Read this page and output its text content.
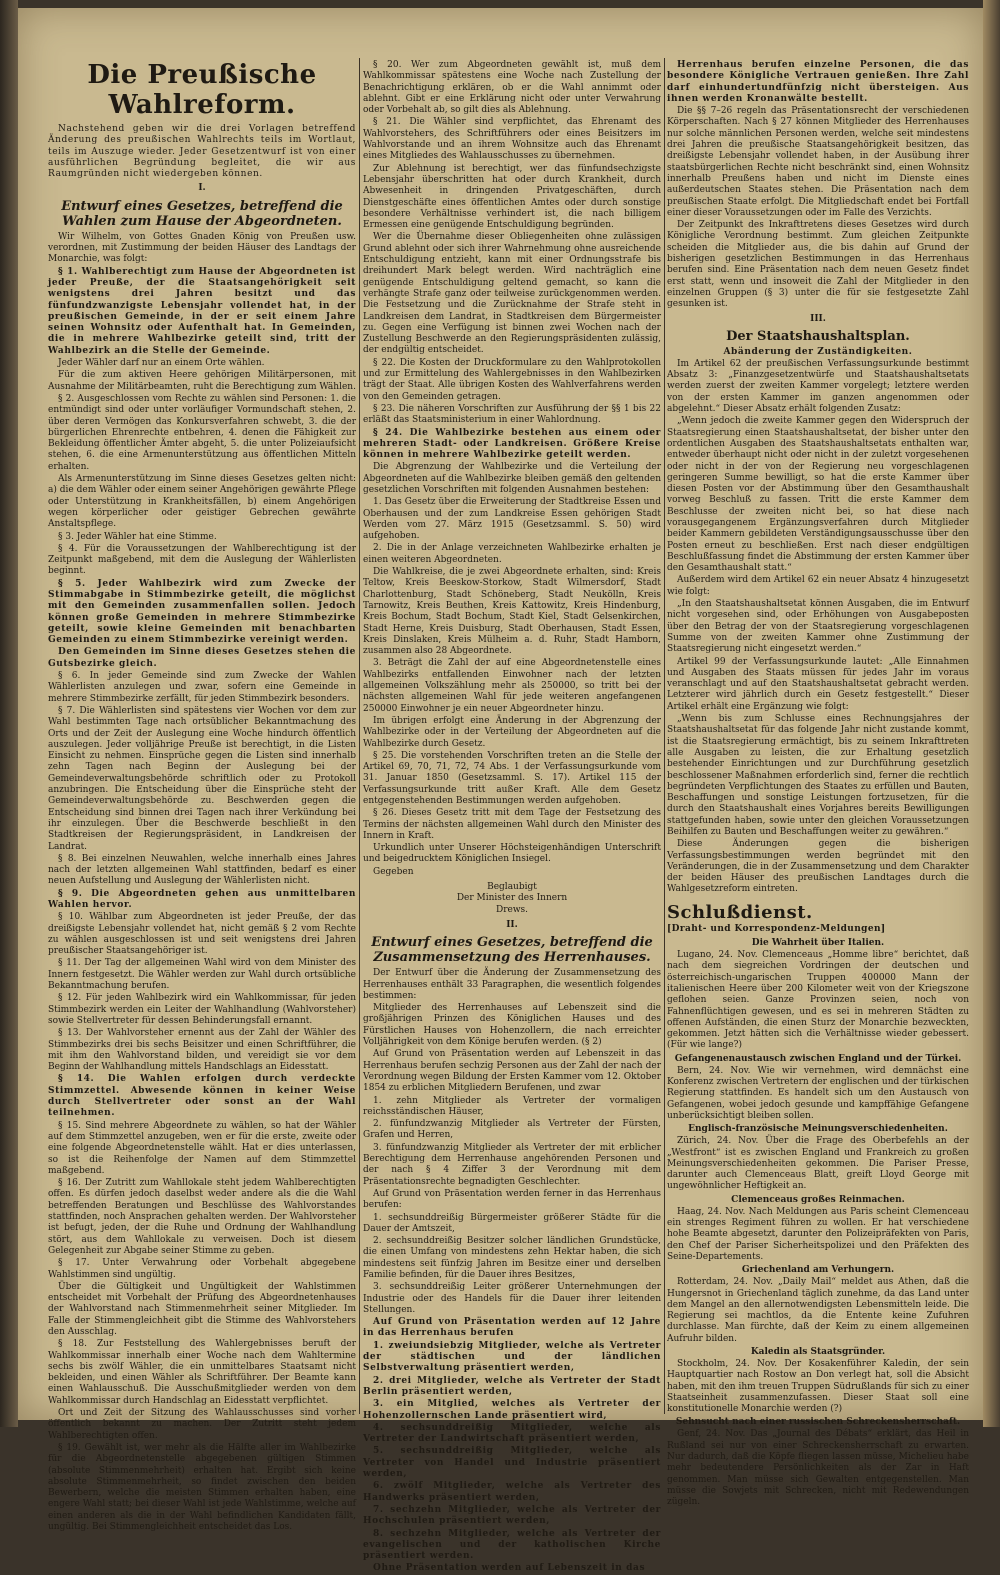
Die Preußische Wahlreform.

Nachstehend geben wir die drei Vorlagen betreffend Änderung des preußischen Wahlrechts teils im Wortlaut, teils im Auszuge wieder. Jeder Gesetzentwurf ist von einer ausführlichen Begründung begleitet, die wir aus Raumgründen nicht wiedergeben können.

I.
Entwurf eines Gesetzes, betreffend die Wahlen zum Hause der Abgeordneten.

Wir Wilhelm, von Gottes Gnaden König von Preußen usw. verordnen, mit Zustimmung der beiden Häuser des Landtags der Monarchie, was folgt:

§ 1. Wahlberechtigt zum Hause der Abgeordneten ist jeder Preuße, der die Staatsangehörigkeit seit wenigstens drei Jahren besitzt und das fünfundzwanzigste Lebensjahr vollendet hat, in der preußischen Gemeinde, in der er seit einem Jahre seinen Wohnsitz oder Aufenthalt hat. In Gemeinden, die in mehrere Wahlbezirke geteilt sind, tritt der Wahlbezirk an die Stelle der Gemeinde.

Jeder Wähler darf nur an einem Orte wählen.

Für die zum aktiven Heere gehörigen Militärpersonen, mit Ausnahme der Militärbeamten, ruht die Berechtigung zum Wählen.

§ 2. Ausgeschlossen vom Rechte zu wählen sind Personen: 1. die entmündigt sind oder unter vorläufiger Vormundschaft stehen, 2. über deren Vermögen das Konkursverfahren schwebt, 3. die der bürgerlichen Ehrenrechte entbehren, 4. denen die Fähigkeit zur Bekleidung öffentlicher Ämter abgeht, 5. die unter Polizeiaufsicht stehen, 6. die eine Armenunterstützung aus öffentlichen Mitteln erhalten.

Als Armenunterstützung im Sinne dieses Gesetzes gelten nicht: a) die dem Wähler oder einem seiner Angehörigen gewährte Pflege oder Unterstützung in Krankheitsfällen, b) einem Angehörigen wegen körperlicher oder geistiger Gebrechen gewährte Anstaltspflege.

§ 3. Jeder Wähler hat eine Stimme.

§ 4. Für die Voraussetzungen der Wahlberechtigung ist der Zeitpunkt maßgebend, mit dem die Auslegung der Wählerlisten beginnt.

§ 5. Jeder Wahlbezirk wird zum Zwecke der Stimmabgabe in Stimmbezirke geteilt, die möglichst mit den Gemeinden zusammenfallen sollen. Jedoch können große Gemeinden in mehrere Stimmbezirke geteilt, sowie kleine Gemeinden mit benachbarten Gemeinden zu einem Stimmbezirke vereinigt werden.

Den Gemeinden im Sinne dieses Gesetzes stehen die Gutsbezirke gleich.

§ 6. In jeder Gemeinde sind zum Zwecke der Wahlen Wählerlisten anzulegen und zwar, sofern eine Gemeinde in mehrere Stimmbezirke zerfällt, für jeden Stimmbezirk besonders.

§ 7. Die Wählerlisten sind spätestens vier Wochen vor dem zur Wahl bestimmten Tage nach ortsüblicher Bekanntmachung des Orts und der Zeit der Auslegung eine Woche hindurch öffentlich auszulegen. Jeder volljährige Preuße ist berechtigt, in die Listen Einsicht zu nehmen. Einsprüche gegen die Listen sind innerhalb zehn Tagen nach Beginn der Auslegung bei der Gemeindeverwaltungsbehörde schriftlich oder zu Protokoll anzubringen. Die Entscheidung über die Einsprüche steht der Gemeindeverwaltungsbehörde zu. Beschwerden gegen die Entscheidung sind binnen drei Tagen nach ihrer Verkündung bei ihr einzulegen. Über die Beschwerde beschließt in den Stadtkreisen der Regierungspräsident, in Landkreisen der Landrat.

§ 8. Bei einzelnen Neuwahlen, welche innerhalb eines Jahres nach der letzten allgemeinen Wahl stattfinden, bedarf es einer neuen Aufstellung und Auslegung der Wählerlisten nicht.

§ 9. Die Abgeordneten gehen aus unmittelbaren Wahlen hervor.

§ 10. Wählbar zum Abgeordneten ist jeder Preuße, der das dreißigste Lebensjahr vollendet hat, nicht gemäß § 2 vom Rechte zu wählen ausgeschlossen ist und seit wenigstens drei Jahren preußischer Staatsangehöriger ist.

§ 11. Der Tag der allgemeinen Wahl wird von dem Minister des Innern festgesetzt. Die Wähler werden zur Wahl durch ortsübliche Bekanntmachung berufen.

§ 12. Für jeden Wahlbezirk wird ein Wahlkommissar, für jeden Stimmbezirk werden ein Leiter der Wahlhandlung (Wahlvorsteher) sowie Stellvertreter für dessen Behinderungsfall ernannt.

§ 13. Der Wahlvorsteher ernennt aus der Zahl der Wähler des Stimmbezirks drei bis sechs Beisitzer und einen Schriftführer, die mit ihm den Wahlvorstand bilden, und vereidigt sie vor dem Beginn der Wahlhandlung mittels Handschlags an Eidesstatt.

§ 14. Die Wahlen erfolgen durch verdeckte Stimmzettel. Abwesende können in keiner Weise durch Stellvertreter oder sonst an der Wahl teilnehmen.

§ 15. Sind mehrere Abgeordnete zu wählen, so hat der Wähler auf dem Stimmzettel anzugeben, wen er für die erste, zweite oder eine folgende Abgeordnetenstelle wählt. Hat er dies unterlassen, so ist die Reihenfolge der Namen auf dem Stimmzettel maßgebend.

§ 16. Der Zutritt zum Wahllokale steht jedem Wahlberechtigten offen. Es dürfen jedoch daselbst weder andere als die die Wahl betreffenden Beratungen und Beschlüsse des Wahlvorstandes stattfinden, noch Ansprachen gehalten werden. Der Wahlvorsteher ist befugt, jeden, der die Ruhe und Ordnung der Wahlhandlung stört, aus dem Wahllokale zu verweisen. Doch ist diesem Gelegenheit zur Abgabe seiner Stimme zu geben.

§ 17. Unter Verwahrung oder Vorbehalt abgegebene Wahlstimmen sind ungültig.

Über die Gültigkeit und Ungültigkeit der Wahlstimmen entscheidet mit Vorbehalt der Prüfung des Abgeordnetenhauses der Wahlvorstand nach Stimmenmehrheit seiner Mitglieder. Im Falle der Stimmengleichheit gibt die Stimme des Wahlvorstehers den Ausschlag.

§ 18. Zur Feststellung des Wahlergebnisses beruft der Wahlkommissar innerhalb einer Woche nach dem Wahltermine sechs bis zwölf Wähler, die ein unmittelbares Staatsamt nicht bekleiden, und einen Wähler als Schriftführer. Der Beamte kann einen Wahlausschuß. Die Ausschußmitglieder werden von dem Wahlkommissar durch Handschlag an Eidesstatt verpflichtet.

Ort und Zeit der Sitzung des Wahlausschusses sind vorher öffentlich bekannt zu machen. Der Zutritt steht jedem Wahlberechtigten offen.

§ 19. Gewählt ist, wer mehr als die Hälfte aller im Wahlbezirke für die Abgeordnetenstelle abgegebenen gültigen Stimmen (absolute Stimmenmehrheit) erhalten hat. Ergibt sich keine absolute Stimmenmehrheit, so findet zwischen den beiden Bewerbern, welche die meisten Stimmen erhalten haben, eine engere Wahl statt; bei dieser Wahl ist jede Wahlstimme, welche auf einen anderen als die in der Wahl befindlichen Kandidaten fällt, ungültig. Bei Stimmengleichheit entscheidet das Los.

§ 20. Wer zum Abgeordneten gewählt ist, muß dem Wahlkommissar spätestens eine Woche nach Zustellung der Benachrichtigung erklären, ob er die Wahl annimmt oder ablehnt. Gibt er eine Erklärung nicht oder unter Verwahrung oder Vorbehalt ab, so gilt dies als Ablehnung.

§ 21. Die Wähler sind verpflichtet, das Ehrenamt des Wahlvorstehers, des Schriftführers oder eines Beisitzers im Wahlvorstande und an ihrem Wohnsitze auch das Ehrenamt eines Mitgliedes des Wahlausschusses zu übernehmen.

Zur Ablehnung ist berechtigt, wer das fünfundsechzigste Lebensjahr überschritten hat oder durch Krankheit, durch Abwesenheit in dringenden Privatgeschäften, durch Dienstgeschäfte eines öffentlichen Amtes oder durch sonstige besondere Verhältnisse verhindert ist, die nach billigem Ermessen eine genügende Entschuldigung begründen.

Wer die Übernahme dieser Obliegenheiten ohne zulässigen Grund ablehnt oder sich ihrer Wahrnehmung ohne ausreichende Entschuldigung entzieht, kann mit einer Ordnungsstrafe bis dreihundert Mark belegt werden. Wird nachträglich eine genügende Entschuldigung geltend gemacht, so kann die verhängte Strafe ganz oder teilweise zurückgenommen werden. Die Festsetzung und die Zurücknahme der Strafe steht in Landkreisen dem Landrat, in Stadtkreisen dem Bürgermeister zu. Gegen eine Verfügung ist binnen zwei Wochen nach der Zustellung Beschwerde an den Regierungspräsidenten zulässig, der endgültig entscheidet.

§ 22. Die Kosten der Druckformulare zu den Wahlprotokollen und zur Ermittelung des Wahlergebnisses in den Wahlbezirken trägt der Staat. Alle übrigen Kosten des Wahlverfahrens werden von den Gemeinden getragen.

§ 23. Die näheren Vorschriften zur Ausführung der §§ 1 bis 22 erläßt das Staatsministerium in einer Wahlordnung.

§ 24. Die Wahlbezirke bestehen aus einem oder mehreren Stadt- oder Landkreisen. Größere Kreise können in mehrere Wahlbezirke geteilt werden.

Die Abgrenzung der Wahlbezirke und die Verteilung der Abgeordneten auf die Wahlbezirke bleiben gemäß den geltenden gesetzlichen Vorschriften mit folgenden Ausnahmen bestehen:

1. Das Gesetz über die Erweiterung der Stadtkreise Essen und Oberhausen und der zum Landkreise Essen gehörigen Stadt Werden vom 27. März 1915 (Gesetzsamml. S. 50) wird aufgehoben.

2. Die in der Anlage verzeichneten Wahlbezirke erhalten je einen weiteren Abgeordneten.

Die Wahlkreise, die je zwei Abgeordnete erhalten, sind: Kreis Teltow, Kreis Beeskow-Storkow, Stadt Wilmersdorf, Stadt Charlottenburg, Stadt Schöneberg, Stadt Neukölln, Kreis Tarnowitz, Kreis Beuthen, Kreis Kattowitz, Kreis Hindenburg, Kreis Bochum, Stadt Bochum, Stadt Kiel, Stadt Gelsenkirchen, Stadt Herne, Kreis Duisburg, Stadt Oberhausen, Stadt Essen, Kreis Dinslaken, Kreis Mülheim a. d. Ruhr, Stadt Hamborn, zusammen also 28 Abgeordnete.

3. Beträgt die Zahl der auf eine Abgeordnetenstelle eines Wahlbezirks entfallenden Einwohner nach der letzten allgemeinen Volkszählung mehr als 250000, so tritt bei der nächsten allgemeinen Wahl für jede weiteren angefangenen 250000 Einwohner je ein neuer Abgeordneter hinzu.

Im übrigen erfolgt eine Änderung in der Abgrenzung der Wahlbezirke oder in der Verteilung der Abgeordneten auf die Wahlbezirke durch Gesetz.

§ 25. Die vorstehenden Vorschriften treten an die Stelle der Artikel 69, 70, 71, 72, 74 Abs. 1 der Verfassungsurkunde vom 31. Januar 1850 (Gesetzsamml. S. 17). Artikel 115 der Verfassungsurkunde tritt außer Kraft. Alle dem Gesetz entgegenstehenden Bestimmungen werden aufgehoben.

§ 26. Dieses Gesetz tritt mit dem Tage der Festsetzung des Termins der nächsten allgemeinen Wahl durch den Minister des Innern in Kraft.

Urkundlich unter Unserer Höchsteigenhändigen Unterschrift und beigedrucktem Königlichen Insiegel.

Gegeben

Beglaubigt
Der Minister des Innern
Drews.

II.
Entwurf eines Gesetzes, betreffend die Zusammensetzung des Herrenhauses.

Der Entwurf über die Änderung der Zusammensetzung des Herrenhauses enthält 33 Paragraphen, die wesentlich folgendes bestimmen:

Mitglieder des Herrenhauses auf Lebenszeit sind die großjährigen Prinzen des Königlichen Hauses und des Fürstlichen Hauses von Hohenzollern, die nach erreichter Volljährigkeit von dem Könige berufen werden. (§ 2)

Auf Grund von Präsentation werden auf Lebenszeit in das Herrenhaus berufen sechzig Personen aus der Zahl der nach der Verordnung wegen Bildung der Ersten Kammer vom 12. Oktober 1854 zu erblichen Mitgliedern Berufenen, und zwar

1. zehn Mitglieder als Vertreter der vormaligen reichsständischen Häuser,

2. fünfundzwanzig Mitglieder als Vertreter der Fürsten, Grafen und Herren,

3. fünfundzwanzig Mitglieder als Vertreter der mit erblicher Berechtigung dem Herrenhause angehörenden Personen und der nach § 4 Ziffer 3 der Verordnung mit dem Präsentationsrechte begnadigten Geschlechter.

Auf Grund von Präsentation werden ferner in das Herrenhaus berufen:

1. sechsunddreißig Bürgermeister größerer Städte für die Dauer der Amtszeit,

2. sechsunddreißig Besitzer solcher ländlichen Grundstücke, die einen Umfang von mindestens zehn Hektar haben, die sich mindestens seit fünfzig Jahren im Besitze einer und derselben Familie befinden, für die Dauer ihres Besitzes,

3. sechsunddreißig Leiter größerer Unternehmungen der Industrie oder des Handels für die Dauer ihrer leitenden Stellungen.

Auf Grund von Präsentation werden auf 12 Jahre in das Herrenhaus berufen

1. zweiundsiebzig Mitglieder, welche als Vertreter der städtischen und der ländlichen Selbstverwaltung präsentiert werden,

2. drei Mitglieder, welche als Vertreter der Stadt Berlin präsentiert werden,

3. ein Mitglied, welches als Vertreter der Hohenzollernschen Lande präsentiert wird,

4. sechsunddreißig Mitglieder, welche als Vertreter der Landwirtschaft präsentiert werden,

5. sechsunddreißig Mitglieder, welche als Vertreter von Handel und Industrie präsentiert werden,

6. zwölf Mitglieder, welche als Vertreter des Handwerks präsentiert werden,

7. sechzehn Mitglieder, welche als Vertreter der Hochschulen präsentiert werden,

8. sechzehn Mitglieder, welche als Vertreter der evangelischen und der katholischen Kirche präsentiert werden.

Ohne Präsentation werden auf Lebenszeit in das

Herrenhaus berufen einzelne Personen, die das besondere Königliche Vertrauen genießen. Ihre Zahl darf einhundertundfünfzig nicht übersteigen. Aus ihnen werden Kronanwälte bestellt.

Die §§ 7–26 regeln das Präsentationsrecht der verschiedenen Körperschaften. Nach § 27 können Mitglieder des Herrenhauses nur solche männlichen Personen werden, welche seit mindestens drei Jahren die preußische Staatsangehörigkeit besitzen, das dreißigste Lebensjahr vollendet haben, in der Ausübung ihrer staatsbürgerlichen Rechte nicht beschränkt sind, einen Wohnsitz innerhalb Preußens haben und nicht im Dienste eines außerdeutschen Staates stehen. Die Präsentation nach dem preußischen Staate erfolgt. Die Mitgliedschaft endet bei Fortfall einer dieser Voraussetzungen oder im Falle des Verzichts.

Der Zeitpunkt des Inkrafttretens dieses Gesetzes wird durch Königliche Verordnung bestimmt. Zum gleichen Zeitpunkte scheiden die Mitglieder aus, die bis dahin auf Grund der bisherigen gesetzlichen Bestimmungen in das Herrenhaus berufen sind. Eine Präsentation nach dem neuen Gesetz findet erst statt, wenn und insoweit die Zahl der Mitglieder in den einzelnen Gruppen (§ 3) unter die für sie festgesetzte Zahl gesunken ist.

III.
Der Staatshaushaltsplan.
Abänderung der Zuständigkeiten.

Im Artikel 62 der preußischen Verfassungsurkunde bestimmt Absatz 3: „Finanzgesetzentwürfe und Staatshaushaltsetats werden zuerst der zweiten Kammer vorgelegt; letztere werden von der ersten Kammer im ganzen angenommen oder abgelehnt.“ Dieser Absatz erhält folgenden Zusatz:

„Wenn jedoch die zweite Kammer gegen den Widerspruch der Staatsregierung einen Staatshaushaltsetat, der bisher unter den ordentlichen Ausgaben des Staatshaushaltsetats enthalten war, entweder überhaupt nicht oder nicht in der zuletzt vorgesehenen oder nicht in der von der Regierung neu vorgeschlagenen geringeren Summe bewilligt, so hat die erste Kammer über diesen Posten vor der Abstimmung über den Gesamthaushalt vorweg Beschluß zu fassen. Tritt die erste Kammer dem Beschlusse der zweiten nicht bei, so hat diese nach vorausgegangenem Ergänzungsverfahren durch Mitglieder beider Kammern gebildeten Verständigungsausschusse über den Posten erneut zu beschließen. Erst nach dieser endgültigen Beschlußfassung findet die Abstimmung der ersten Kammer über den Gesamthaushalt statt.“

Außerdem wird dem Artikel 62 ein neuer Absatz 4 hinzugesetzt wie folgt:

„In den Staatshaushaltsetat können Ausgaben, die im Entwurf nicht vorgesehen sind, oder Erhöhungen von Ausgabeposten über den Betrag der von der Staatsregierung vorgeschlagenen Summe von der zweiten Kammer ohne Zustimmung der Staatsregierung nicht eingesetzt werden.“

Artikel 99 der Verfassungsurkunde lautet: „Alle Einnahmen und Ausgaben des Staats müssen für jedes Jahr im voraus veranschlagt und auf den Staatshaushaltsetat gebracht werden. Letzterer wird jährlich durch ein Gesetz festgestellt.“ Dieser Artikel erhält eine Ergänzung wie folgt:

„Wenn bis zum Schlusse eines Rechnungsjahres der Staatshaushaltsetat für das folgende Jahr nicht zustande kommt, ist die Staatsregierung ermächtigt, bis zu seinem Inkrafttreten alle Ausgaben zu leisten, die zur Erhaltung gesetzlich bestehender Einrichtungen und zur Durchführung gesetzlich beschlossener Maßnahmen erforderlich sind, ferner die rechtlich begründeten Verpflichtungen des Staates zu erfüllen und Bauten, Beschaffungen und sonstige Leistungen fortzusetzen, für die durch den Staatshaushalt eines Vorjahres bereits Bewilligungen stattgefunden haben, sowie unter den gleichen Voraussetzungen Beihilfen zu Bauten und Beschaffungen weiter zu gewähren.“

Diese Änderungen gegen die bisherigen Verfassungsbestimmungen werden begründet mit den Veränderungen, die in der Zusammensetzung und dem Charakter der beiden Häuser des preußischen Landtages durch die Wahlgesetzreform eintreten.

Schlußdienst.
[Draht- und Korrespondenz-Meldungen]
Die Wahrheit über Italien.

Lugano, 24. Nov. Clemenceaus „Homme libre“ berichtet, daß nach dem siegreichen Vordringen der deutschen und österreichisch-ungarischen Truppen 400000 Mann der italienischen Heere über 200 Kilometer weit von der Kriegszone geflohen seien. Ganze Provinzen seien, noch von Fahnenflüchtigen gewesen, und es sei in mehreren Städten zu offenen Aufständen, die einen Sturz der Monarchie bezweckten, gekommen. Jetzt hätten sich die Verhältnisse wieder gebessert. (Für wie lange?)

Gefangenenaustausch zwischen England und der Türkei.

Bern, 24. Nov. Wie wir vernehmen, wird demnächst eine Konferenz zwischen Vertretern der englischen und der türkischen Regierung stattfinden. Es handelt sich um den Austausch von Gefangenen, wobei jedoch gesunde und kampffähige Gefangene unberücksichtigt bleiben sollen.

Englisch-französische Meinungsverschiedenheiten.

Zürich, 24. Nov. Über die Frage des Oberbefehls an der „Westfront“ ist es zwischen England und Frankreich zu großen Meinungsverschiedenheiten gekommen. Die Pariser Presse, darunter auch Clemenceaus Blatt, greift Lloyd George mit ungewöhnlicher Heftigkeit an.

Clemenceaus großes Reinmachen.

Haag, 24. Nov. Nach Meldungen aus Paris scheint Clemenceau ein strenges Regiment führen zu wollen. Er hat verschiedene hohe Beamte abgesetzt, darunter den Polizeipräfekten von Paris, den Chef der Pariser Sicherheitspolizei und den Präfekten des Seine-Departements.

Griechenland am Verhungern.

Rotterdam, 24. Nov. „Daily Mail“ meldet aus Athen, daß die Hungersnot in Griechenland täglich zunehme, da das Land unter dem Mangel an den allernotwendigsten Lebensmitteln leide. Die Regierung sei machtlos, da die Entente keine Zufuhren durchlasse. Man fürchte, daß der Keim zu einem allgemeinen Aufruhr bilden.

Kaledin als Staatsgründer.

Stockholm, 24. Nov. Der Kosakenführer Kaledin, der sein Hauptquartier nach Rostow an Don verlegt hat, soll die Absicht haben, mit den ihm treuen Truppen Südrußlands für sich zu einer Staatseinheit zusammenzufassen. Dieser Staat soll eine konstitutionelle Monarchie werden (?)

Sehnsucht nach einer russischen Schreckensherrschaft.

Genf, 24. Nov. Das „Journal des Débats“ erklärt, das Heil in Rußland sei nur von einer Schreckensherrschaft zu erwarten. Nur dadurch, daß die Köpfe fliegen lassen müsse, Michelieu habe mehr bedeutendere Persönlichkeiten als der Zar in Haft genommen. Man müsse sich Gewalten entgegenstellen. Man müsse die Sowjets mit Schrecken, nicht mit Redewendungen zügeln.
